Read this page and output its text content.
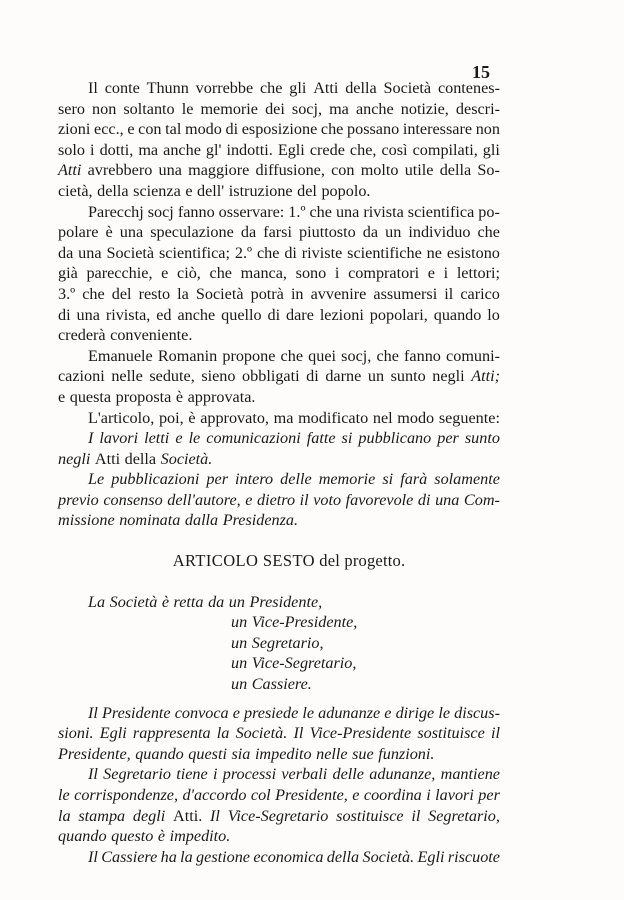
15
Il conte Thunn vorrebbe che gli Atti della Società contenes-
sero non soltanto le memorie dei socj, ma anche notizie, descri-
zioni ecc., e con tal modo di esposizione che possano interessare non
solo i dotti, ma anche gl' indotti. Egli crede che, così compilati, gli
Atti avrebbero una maggiore diffusione, con molto utile della So-
cietà, della scienza e dell' istruzione del popolo.
Parecchj socj fanno osservare: 1.º che una rivista scientifica po-
polare è una speculazione da farsi piuttosto da un individuo che
da una Società scientifica; 2.º che di riviste scientifiche ne esistono
già parecchie, e ciò, che manca, sono i compratori e i lettori;
3.º che del resto la Società potrà in avvenire assumersi il carico
di una rivista, ed anche quello di dare lezioni popolari, quando lo
crederà conveniente.
Emanuele Romanin propone che quei socj, che fanno comuni-
cazioni nelle sedute, sieno obbligati di darne un sunto negli Atti;
e questa proposta è approvata.
L'articolo, poi, è approvato, ma modificato nel modo seguente:
I lavori letti e le comunicazioni fatte si pubblicano per sunto
negli Atti della Società.
Le pubblicazioni per intero delle memorie si farà solamente
previo consenso dell'autore, e dietro il voto favorevole di una Com-
missione nominata dalla Presidenza.
ARTICOLO SESTO del progetto.
La Società è retta da un Presidente,
un Vice-Presidente,
un Segretario,
un Vice-Segretario,
un Cassiere.
Il Presidente convoca e presiede le adunanze e dirige le discus-
sioni. Egli rappresenta la Società. Il Vice-Presidente sostituisce il
Presidente, quando questi sia impedito nelle sue funzioni.
Il Segretario tiene i processi verbali delle adunanze, mantiene
le corrispondenze, d'accordo col Presidente, e coordina i lavori per
la stampa degli Atti. Il Vice-Segretario sostituisce il Segretario,
quando questo è impedito.
Il Cassiere ha la gestione economica della Società. Egli riscuote
